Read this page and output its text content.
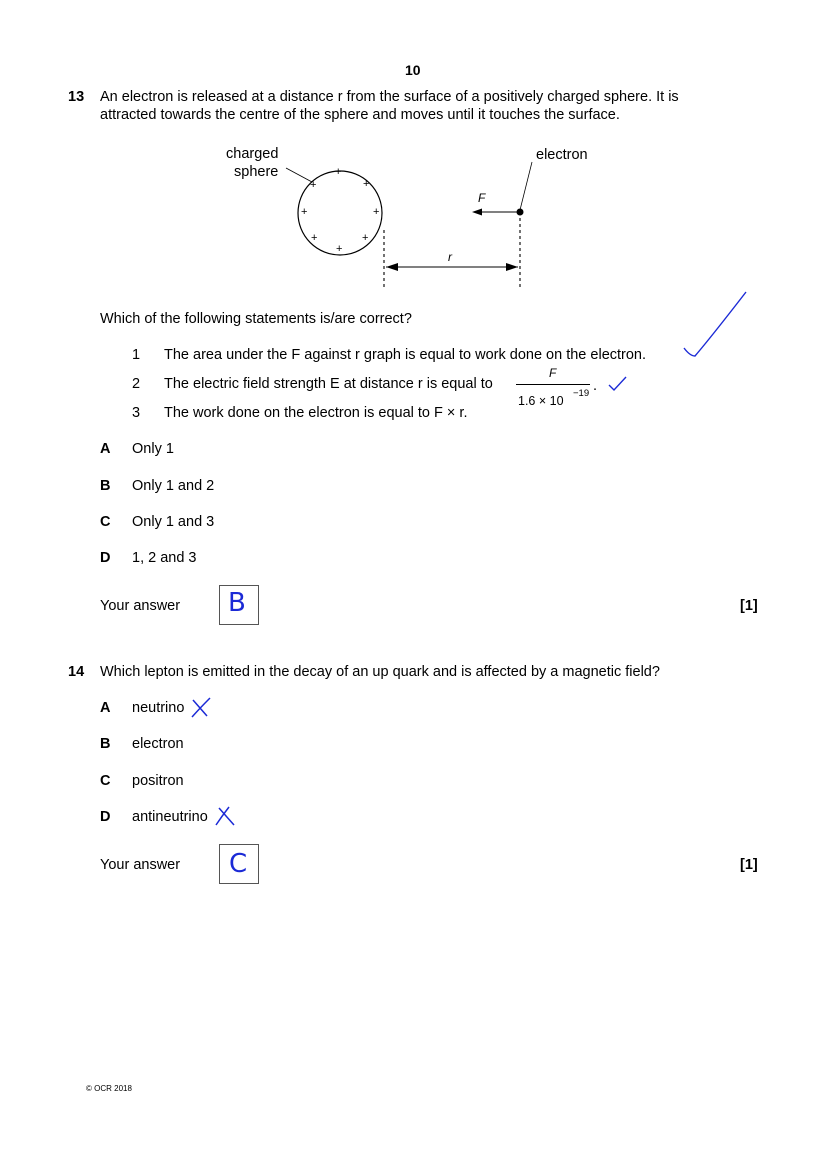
10
13 An electron is released at a distance r from the surface of a positively charged sphere. It is
attracted towards the centre of the sphere and moves until it touches the surface.
charged
sphere
electron
F
r
+
+
+
+	+
+	+
+
Which of the following statements is/are correct?
1 The area under the F against r graph is equal to work done on the electron.
2 The electric field strength E at distance r is equal to
F
1.6 × 10
−19 .
3 The work done on the electron is equal to F × r.
A Only 1
B Only 1 and 2
C Only 1 and 3
D 1, 2 and 3
Your answer B	[1]
14 Which lepton is emitted in the decay of an up quark and is affected by a magnetic field?
A neutrino
B electron
C positron
D antineutrino
Your answer C	[1]
© OCR 2018
